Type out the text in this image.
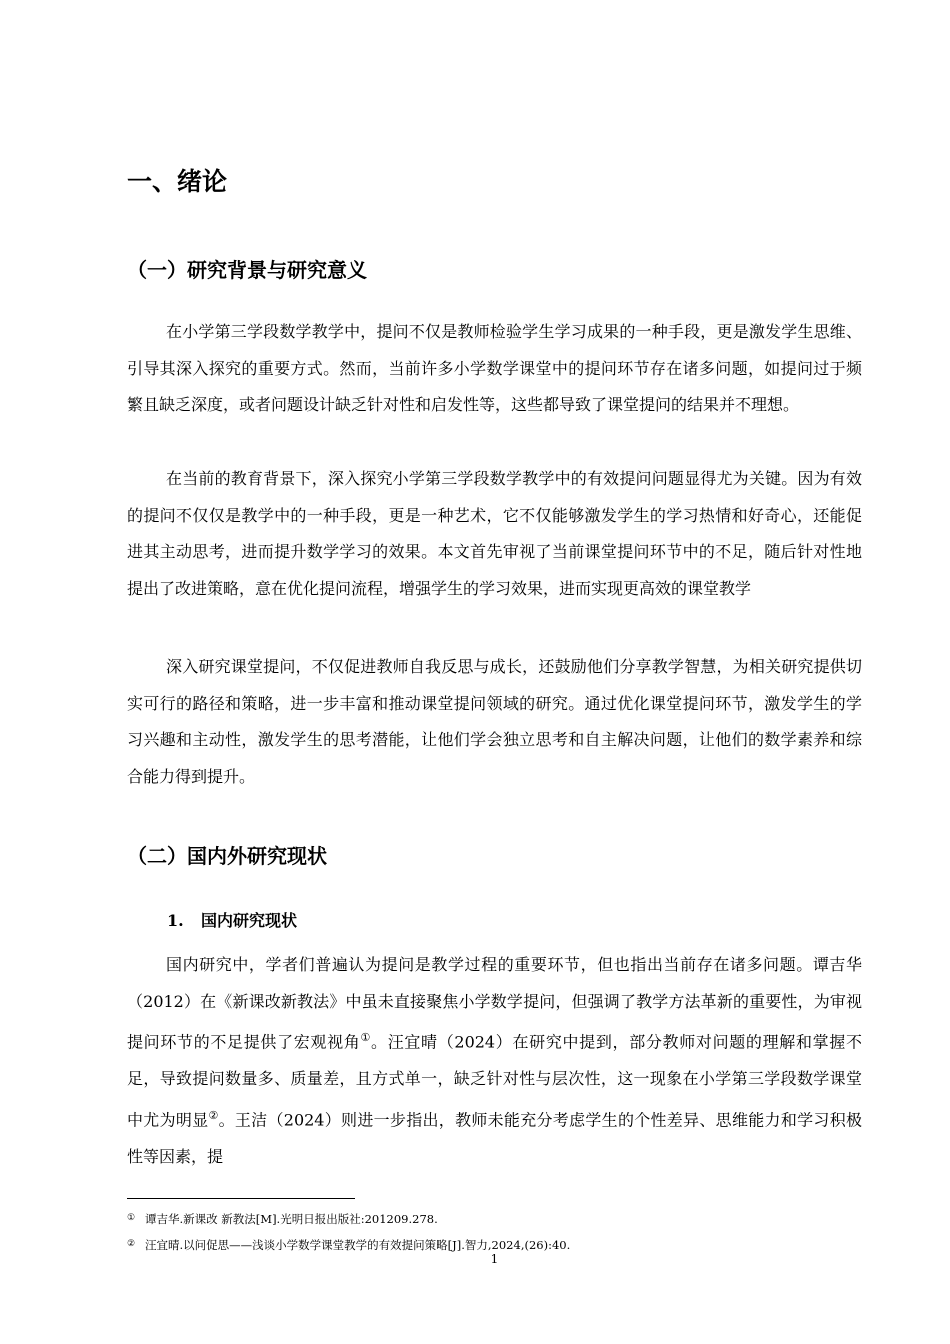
一、绪论
（一）研究背景与研究意义

在小学第三学段数学教学中，提问不仅是教师检验学生学习成果的一种手段，更是激发学生思维、引导其深入探究的重要方式。然而，当前许多小学数学课堂中的提问环节存在诸多问题，如提问过于频繁且缺乏深度，或者问题设计缺乏针对性和启发性等，这些都导致了课堂提问的结果并不理想。

在当前的教育背景下，深入探究小学第三学段数学教学中的有效提问问题显得尤为关键。因为有效的提问不仅仅是教学中的一种手段，更是一种艺术，它不仅能够激发学生的学习热情和好奇心，还能促进其主动思考，进而提升数学学习的效果。本文首先审视了当前课堂提问环节中的不足，随后针对性地提出了改进策略，意在优化提问流程，增强学生的学习效果，进而实现更高效的课堂教学

深入研究课堂提问，不仅促进教师自我反思与成长，还鼓励他们分享教学智慧，为相关研究提供切实可行的路径和策略，进一步丰富和推动课堂提问领域的研究。通过优化课堂提问环节，激发学生的学习兴趣和主动性，激发学生的思考潜能，让他们学会独立思考和自主解决问题，让他们的数学素养和综合能力得到提升。

（二）国内外研究现状
1. 国内研究现状

国内研究中，学者们普遍认为提问是教学过程的重要环节，但也指出当前存在诸多问题。谭吉华（2012）在《新课改新教法》中虽未直接聚焦小学数学提问，但强调了教学方法革新的重要性，为审视提问环节的不足提供了宏观视角①。汪宜晴（2024）在研究中提到，部分教师对问题的理解和掌握不足，导致提问数量多、质量差，且方式单一，缺乏针对性与层次性，这一现象在小学第三学段数学课堂中尤为明显②。王洁（2024）则进一步指出，教师未能充分考虑学生的个性差异、思维能力和学习积极性等因素，提

① 谭吉华.新课改 新教法[M].光明日报出版社:201209.278.
② 汪宜晴.以问促思——浅谈小学数学课堂教学的有效提问策略[J].智力,2024,(26):40.
1
